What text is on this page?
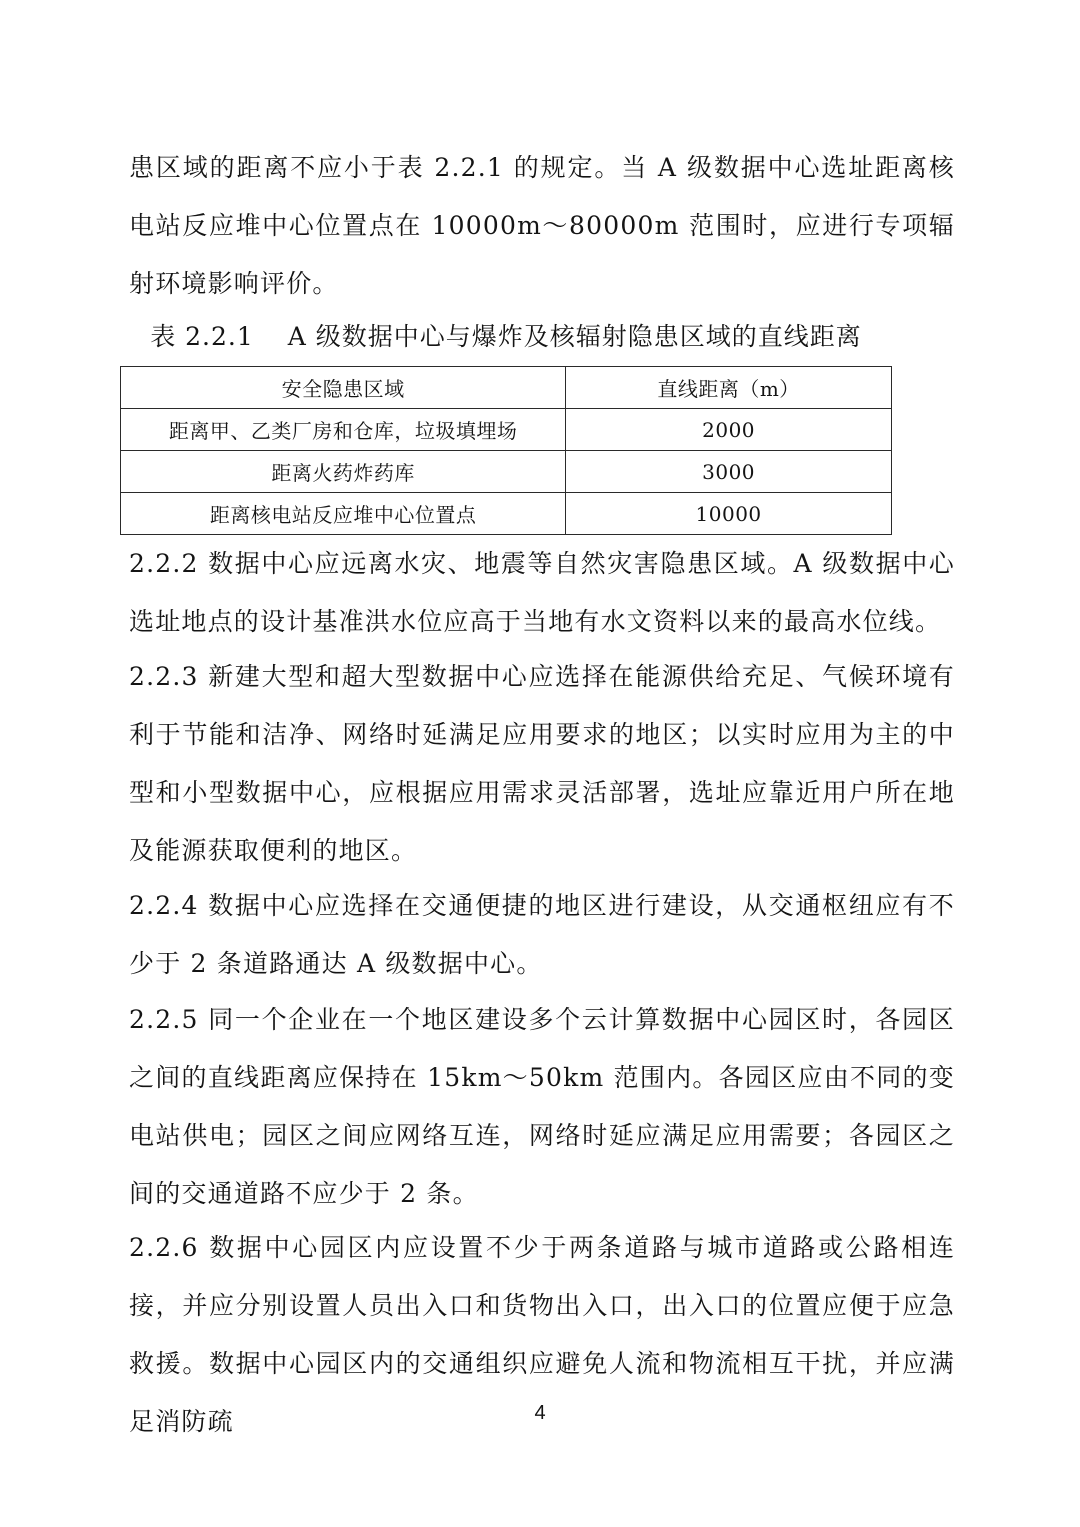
患区域的距离不应小于表 2.2.1 的规定。当 A 级数据中心选址距离核电站反应堆中心位置点在 10000m～80000m 范围时，应进行专项辐射环境影响评价。
表 2.2.1 A 级数据中心与爆炸及核辐射隐患区域的直线距离
安全隐患区域	直线距离（m）
距离甲、乙类厂房和仓库，垃圾填埋场	2000
距离火药炸药库	3000
距离核电站反应堆中心位置点	10000
2.2.2 数据中心应远离水灾、地震等自然灾害隐患区域。A 级数据中心选址地点的设计基准洪水位应高于当地有水文资料以来的最高水位线。
2.2.3 新建大型和超大型数据中心应选择在能源供给充足、气候环境有利于节能和洁净、网络时延满足应用要求的地区；以实时应用为主的中型和小型数据中心，应根据应用需求灵活部署，选址应靠近用户所在地及能源获取便利的地区。
2.2.4 数据中心应选择在交通便捷的地区进行建设，从交通枢纽应有不少于 2 条道路通达 A 级数据中心。
2.2.5 同一个企业在一个地区建设多个云计算数据中心园区时，各园区之间的直线距离应保持在 15km～50km 范围内。各园区应由不同的变电站供电；园区之间应网络互连，网络时延应满足应用需要；各园区之间的交通道路不应少于 2 条。
2.2.6 数据中心园区内应设置不少于两条道路与城市道路或公路相连接，并应分别设置人员出入口和货物出入口，出入口的位置应便于应急救援。数据中心园区内的交通组织应避免人流和物流相互干扰，并应满足消防疏	4
